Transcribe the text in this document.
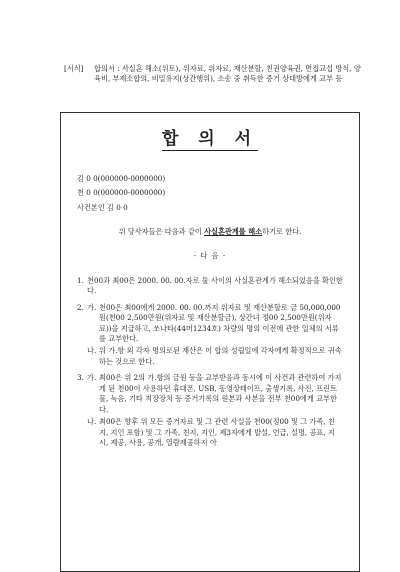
[서식]	합의서 : 사실혼 해소(위토), 위자료, 위자료, 재산분할, 친권양육권, 면접교섭 방식, 양육비, 부제소합의, 비밀유지(상간행위), 소송 중 취득한 증거 상대방에게 교부 등
합 의 서
김 0 0(000000-0000000)
천 0 0(000000-0000000)
사건본인 김 0 0
위 당사자들은 다음과 같이 사실혼관계를 해소하기로 한다.
- 다 음 -
1. 천00과 최00은 2000. 00. 00.자로 둘 사이의 사실혼관계가 해소되었음을 확인한다.
2. 가. 천00은 최00에게 2000. 00. 00.까지 위자료 및 재산분할로 금 50,000,000원(천00 2,500만원(위자료 및 재산분할금), 상간녀 정00 2,500만원(위자료))을 지급하고, 쏘나타(44머1234호) 차량의 명의 이전에 관한 일체의 서류를 교부한다.
나. 위 가.항 외 각자 명의로된 재산은 이 합의 성립일에 각자에게 확정적으로 귀속하는 것으로 한다.
3. 가. 최00은 위 2의 가.항의 금원 등을 교부받음과 동시에 이 사건과 관련하여 가지게 된 천00이 사용하던 휴대폰, USB, 동영상테이프, 출생기록, 사진, 프린트물, 녹음, 기타 저장장치 등 증거기록의 원본과 사본을 전부 천00에게 교부한다.
나. 최00은 향후 위 모든 증거자료 및 그 관련 사실을 천00(정00 및 그 가족, 친지, 지인 포함) 및 그 가족, 친지, 지인, 제3자에게 발설, 언급, 설명, 공표, 지시, 제공, 사용, 공개, 열람제공하지 아
